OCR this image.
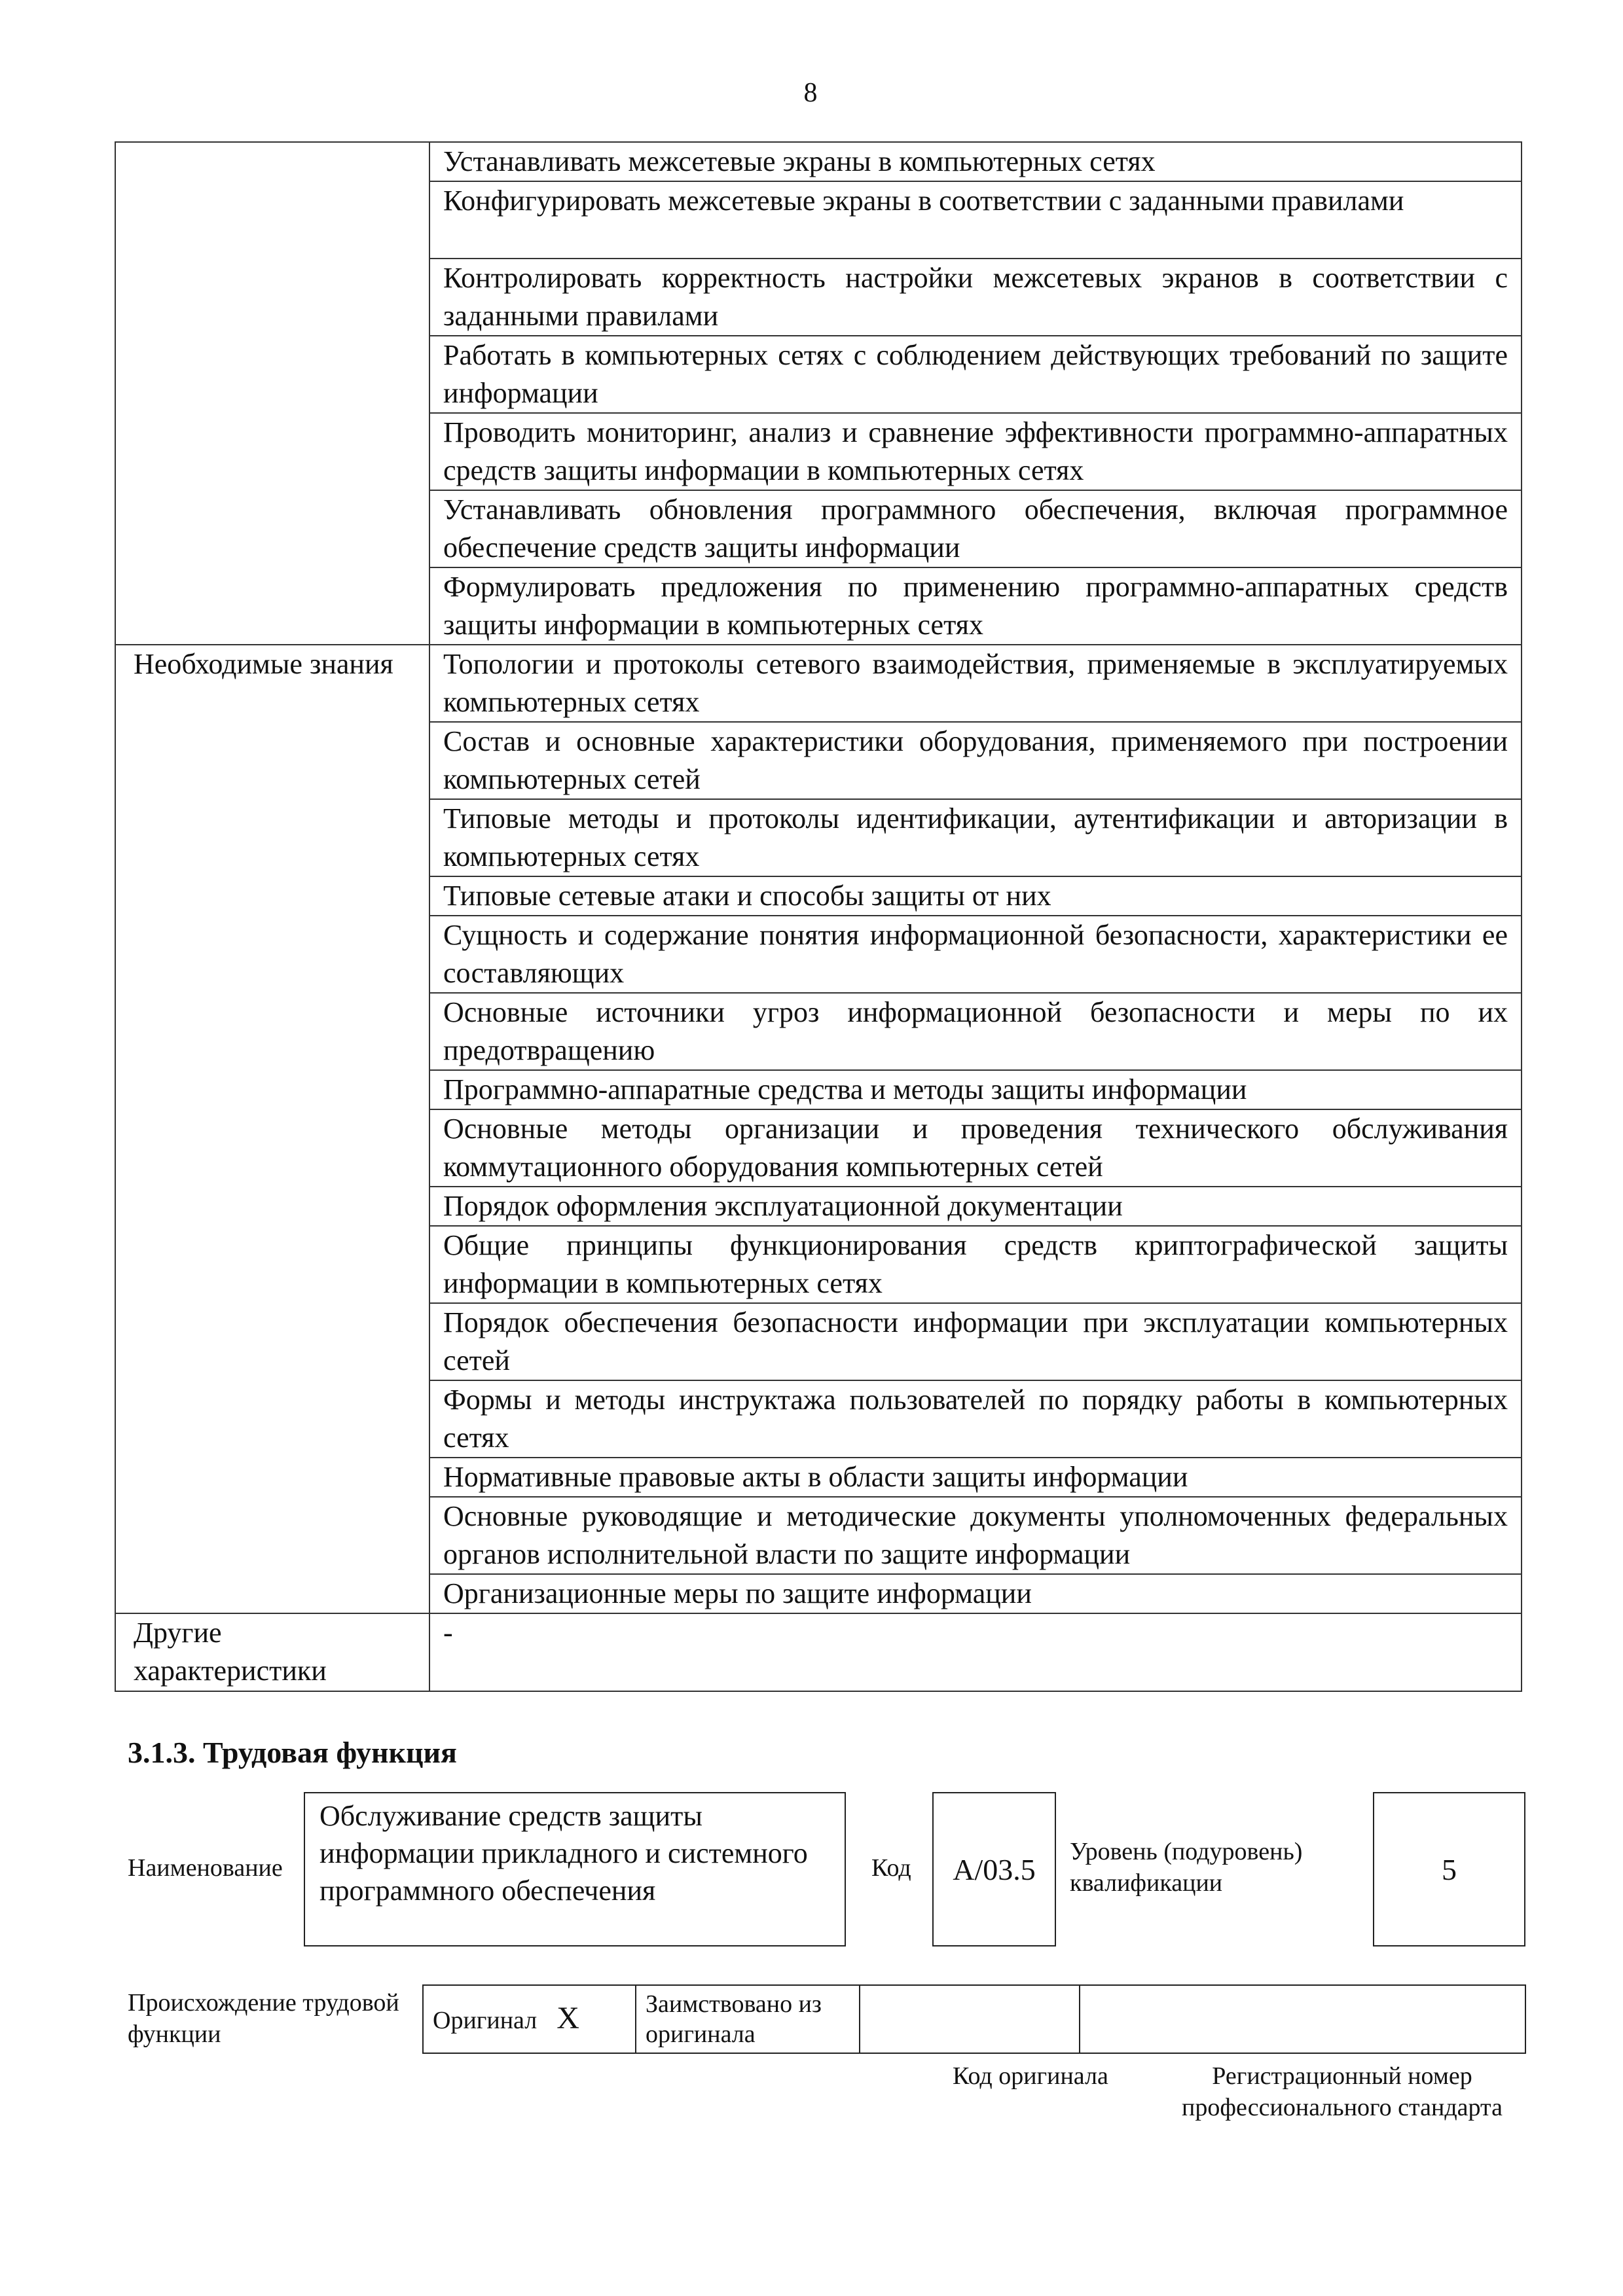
8
	Устанавливать межсетевые экраны в компьютерных сетях
	Конфигурировать межсетевые экраны в соответствии с заданными правилами
	Контролировать корректность настройки межсетевых экранов в соответствии с заданными правилами
	Работать в компьютерных сетях с соблюдением действующих требований по защите информации
	Проводить мониторинг, анализ и сравнение эффективности программно-аппаратных средств защиты информации в компьютерных сетях
	Устанавливать обновления программного обеспечения, включая программное обеспечение средств защиты информации
	Формулировать предложения по применению программно-аппаратных средств защиты информации в компьютерных сетях
Необходимые знания	Топологии и протоколы сетевого взаимодействия, применяемые в эксплуатируемых компьютерных сетях
	Состав и основные характеристики оборудования, применяемого при построении компьютерных сетей
	Типовые методы и протоколы идентификации, аутентификации и авторизации в компьютерных сетях
	Типовые сетевые атаки и способы защиты от них
	Сущность и содержание понятия информационной безопасности, характеристики ее составляющих
	Основные источники угроз информационной безопасности и меры по их предотвращению
	Программно-аппаратные средства и методы защиты информации
	Основные методы организации и проведения технического обслуживания коммутационного оборудования компьютерных сетей
	Порядок оформления эксплуатационной документации
	Общие принципы функционирования средств криптографической защиты информации в компьютерных сетях
	Порядок обеспечения безопасности информации при эксплуатации компьютерных сетей
	Формы и методы инструктажа пользователей по порядку работы в компьютерных сетях
	Нормативные правовые акты в области защиты информации
	Основные руководящие и методические документы уполномоченных федеральных органов исполнительной власти по защите информации
	Организационные меры по защите информации
Другие характеристики	-
3.1.3. Трудовая функция
Наименование
Обслуживание средств защиты информации прикладного и системного программного обеспечения
Код А/03.5
Уровень (подуровень) квалификации	5
Происхождение трудовой функции
Оригинал X	Заимствовано из оригинала		
Код оригинала	Регистрационный номер профессионального стандарта
